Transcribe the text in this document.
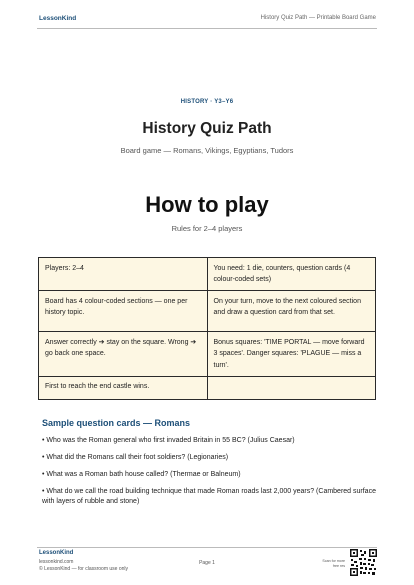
LessonKind	History Quiz Path — Printable Board Game
HISTORY · Y3–Y6
History Quiz Path
Board game — Romans, Vikings, Egyptians, Tudors
How to play
Rules for 2–4 players
Players: 2–4	You need: 1 die, counters, question cards (4 colour-coded sets)
Board has 4 colour-coded sections — one per history topic.	On your turn, move to the next coloured section and draw a question card from that set.
Answer correctly ➔ stay on the square. Wrong ➔ go back one space.	Bonus squares: 'TIME PORTAL — move forward 3 spaces'. Danger squares: 'PLAGUE — miss a turn'.
First to reach the end castle wins.	
Sample question cards — Romans
• Who was the Roman general who first invaded Britain in 55 BC? (Julius Caesar)
• What did the Romans call their foot soldiers? (Legionaries)
• What was a Roman bath house called? (Thermae or Balneum)
• What do we call the road building technique that made Roman roads last 2,000 years? (Cambered surface with layers of rubble and stone)
LessonKind
lessonkind.com
© LessonKind — for classroom use only
Page 1	Scan for more free res
